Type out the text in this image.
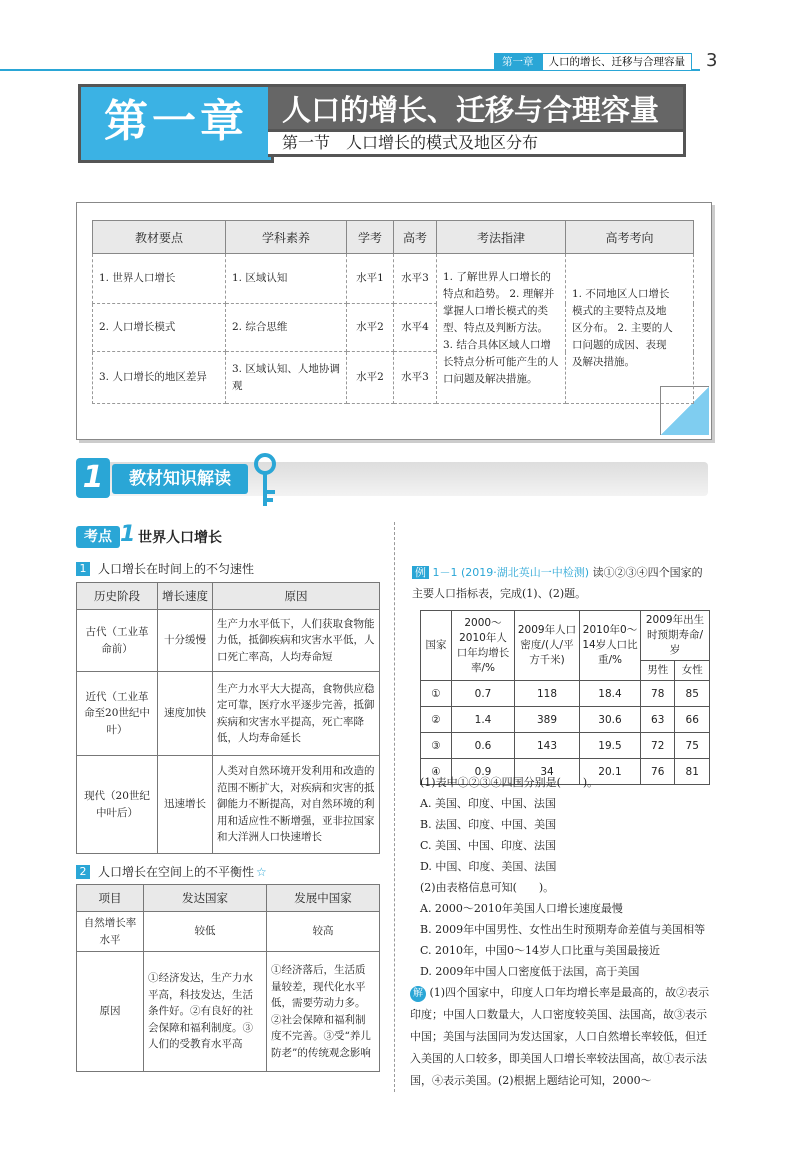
第一章	人口的增长、迁移与合理容量	3
第一章	人口的增长、迁移与合理容量
第一节　人口增长的模式及地区分布
教材要点	学科素养	学考	高考	考法指津	高考考向
1. 世界人口增长	1. 区域认知	水平1	水平3	1. 了解世界人口增长的特点和趋势。 2. 理解并掌握人口增长模式的类型、特点及判断方法。 3. 结合具体区域人口增长特点分析可能产生的人口问题及解决措施。	1. 不同地区人口增长模式的主要特点及地区分布。 2. 主要的人口问题的成因、表现及解决措施。
2. 人口增长模式	2. 综合思维	水平2	水平4		
3. 人口增长的地区差异	3. 区域认知、人地协调观	水平2	水平3		
1	教材知识解读
考点 1 世界人口增长
1 人口增长在时间上的不匀速性
历史阶段	增长速度	原因
古代（工业革命前）	十分缓慢	生产力水平低下，人们获取食物能力低，抵御疾病和灾害水平低，人口死亡率高，人均寿命短
近代（工业革命至20世纪中叶）	速度加快	生产力水平大大提高，食物供应稳定可靠，医疗水平逐步完善，抵御疾病和灾害水平提高，死亡率降低，人均寿命延长
现代（20世纪中叶后）	迅速增长	人类对自然环境开发利用和改造的范围不断扩大，对疾病和灾害的抵御能力不断提高，对自然环境的利用和适应性不断增强，亚非拉国家和大洋洲人口快速增长
2 人口增长在空间上的不平衡性 ☆
项目	发达国家	发展中国家
自然增长率水平	较低	较高
原因	①经济发达，生产力水平高，科技发达，生活条件好。②有良好的社会保障和福利制度。③人们的受教育水平高	①经济落后，生活质量较差，现代化水平低，需要劳动力多。②社会保障和福利制度不完善。③受“养儿防老”的传统观念影响
例 1－1 (2019·湖北英山一中检测) 读①②③④四个国家的主要人口指标表，完成(1)、(2)题。
国家	2000～2010年人口年均增长率/%	2009年人口密度/(人/平方千米)	2010年0～14岁人口比重/%	2009年出生时预期寿命/岁	
				男性	女性
①	0.7	118	18.4	78	85
②	1.4	389	30.6	63	66
③	0.6	143	19.5	72	75
④	0.9	34	20.1	76	81
(1)表中①②③④四国分别是(　　)。
A. 美国、印度、中国、法国
B. 法国、印度、中国、美国
C. 美国、中国、印度、法国
D. 中国、印度、美国、法国
(2)由表格信息可知(　　)。
A. 2000～2010年美国人口增长速度最慢
B. 2009年中国男性、女性出生时预期寿命差值与美国相等
C. 2010年，中国0～14岁人口比重与美国最接近
D. 2009年中国人口密度低于法国，高于美国
解 (1)四个国家中，印度人口年均增长率是最高的，故②表示印度；中国人口数量大，人口密度较美国、法国高，故③表示中国；美国与法国同为发达国家，人口自然增长率较低，但迁入美国的人口较多，即美国人口增长率较法国高，故①表示法国，④表示美国。(2)根据上题结论可知，2000～
